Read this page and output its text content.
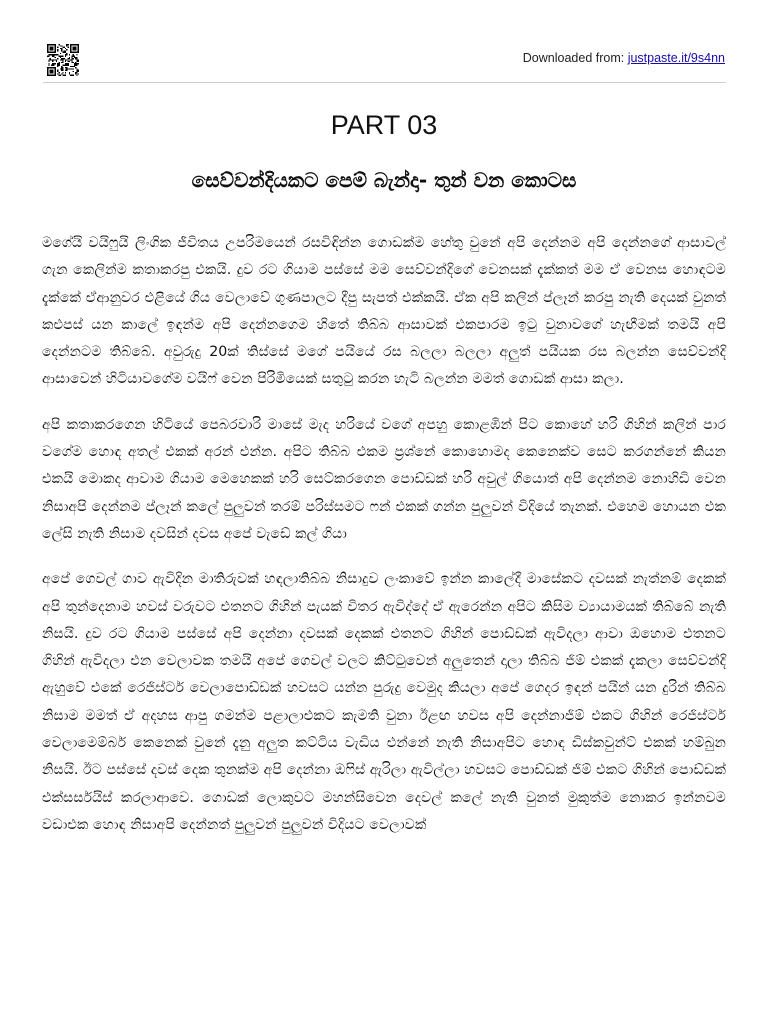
Downloaded from: justpaste.it/9s4nn
PART 03
සෙව්වන්දියකට පෙම් බැන්දා- තුන් වන කොටස

මගේයි වයිෆුයි ලිංගික ජීවිතය උපරිමයෙන් රසවිඳින්න ගොඩක්ම හේතු වුනේ අපි දෙන්නම අපි දෙන්නගේ ආසාවල් ගැන කෙලින්ම කතාකරපු එකයි. දුව රට ගියාම පස්සේ මම සෙව්වන්දිගේ වෙනසක් දැක්කත් මම ඒ වෙනස හොඳටම දැක්කේ ඒආනුවර එළියේ ගිය වෙලාවේ ගුණපාලට දීපු සැපත් එක්කයි. ඒක අපි කලින් ප්ලෑන් කරපු නැති දෙයක් වුනත් කළුපස් යන කාලේ ඉඳන්ම අපි දෙන්නගෙම හිතේ තිබ්බ ආසාවක් එකපාරම ඉටු වුනාවගේ හැඟීමක් තමයි අපි දෙන්නටම තිබ්බේ. අවුරුදු 20ක් තිස්සේ මගේ පයියේ රස බලලා බලලා අලුත් පයියක රස බලන්න සෙව්වන්දි ආසාවෙන් හිටියාවගේම වයිෆ් වෙන පිරිමියෙක් සතුටු කරන හැටි බලන්න මමත් ගොඩක් ආසා කලා.

අපි කතාකරගෙන හිටියේ පෙබරවාරි මාසේ මැද හරියේ වගේ අපහු කොළඹින් පිට කොහේ හරි ගිහින් කලින් පාර වගේම හොඳ අතල් එකක් අරන් එන්න. අපිට තිබ්බ එකම ප්‍රශ්නේ කොහොමද කෙනෙක්ව සෙට කරගන්නේ කියන එකයි මොකද ආවාම ගියාම මෙහෙකක් හරි සෙට්කරගෙන පොඩ්ඩක් හරි අවුල් ගියොත් අපි දෙන්නම නොහිඩි වෙන නිසාඅපි දෙන්නම ප්ලෑන් කලේ පුලුවන් තරම් පරිස්සමට ෆන් එකක් ගන්න පුලුවන් විදියේ තැනක්. එහෙම හොයන එක ලේසි නැති නිසාම දවසින් දවස අපේ වැඩේ කල් ගියා

අපේ ගෙවල් ගාව ඇවිදින මාතිරුවක් හඳලාතිබ්බ නිසාදුව ලංකාවේ ඉන්න කාලේදී මාසේකට දවසක් නැත්නම් දෙකක් අපි තුන්දෙනාම හවස් වරුවට එතනට ගිහින් පැයක් විතර ඇවිද්දේ ඒ ඇරෙන්න අපිට කිසිම ව්‍යායාමයක් තිබ්බේ නැති නිසයි. දුව රට ගියාම පස්සේ අපි දෙන්නා දවසක් දෙකක් එතනට ගිහින් පොඩ්ඩක් ඇවිදලා ආවා ඔහොම එතනට ගිහින් ඇවිදලා එන වෙලාවක තමයි අපේ ගෙවල් වලට කිට්ටුවෙන් අලුතෙන් දාලා තිබ්බ ජිම් එකක් දැකලා සෙව්වන්දි ඇහුවේ එකේ රෙජිස්ටර් වෙලාපොඩ්ඩක් හවසට යන්න පුරුදු වෙමුද කියලා අපේ ගෙදර ඉඳන් පයින් යන දුරින් තිබ්බ නිසාම මමත් ඒ අදහස ආපු ගමන්ම පළාලාඑකට කැමති වුනා ඊළඟ හවස අපි දෙන්නාජිම් එකට ගිහින් රෙජිස්ටර් වෙලාමෙම්බර් කෙනෙක් වුනේ දැනු අලුත කට්ටිය වැඩිය එන්නේ නැති නිසාඅපිට හොඳ ඩිස්කවුන්ට් එකක් හම්බුන නිසයි. ඊට පස්සේ දවස් දෙක තුනක්ම අපි දෙන්නා ඔෆිස් ඇරිලා ඇවිල්ලා හවසට පොඩ්ඩක් ජිම් එකට ගිහින් පොඩ්ඩක් එක්සර්සයිස් කරලාආවෙ. ගොඩක් ලොකුවට මහන්සිවෙන දෙවල් කලේ නැති වුනත් මුකුත්ම නොකර ඉන්නවම වඩාඑක හොඳ නිසාඅපි දෙන්නත් පුලුවන් පුලුවන් විදියට වෙලාවක්
